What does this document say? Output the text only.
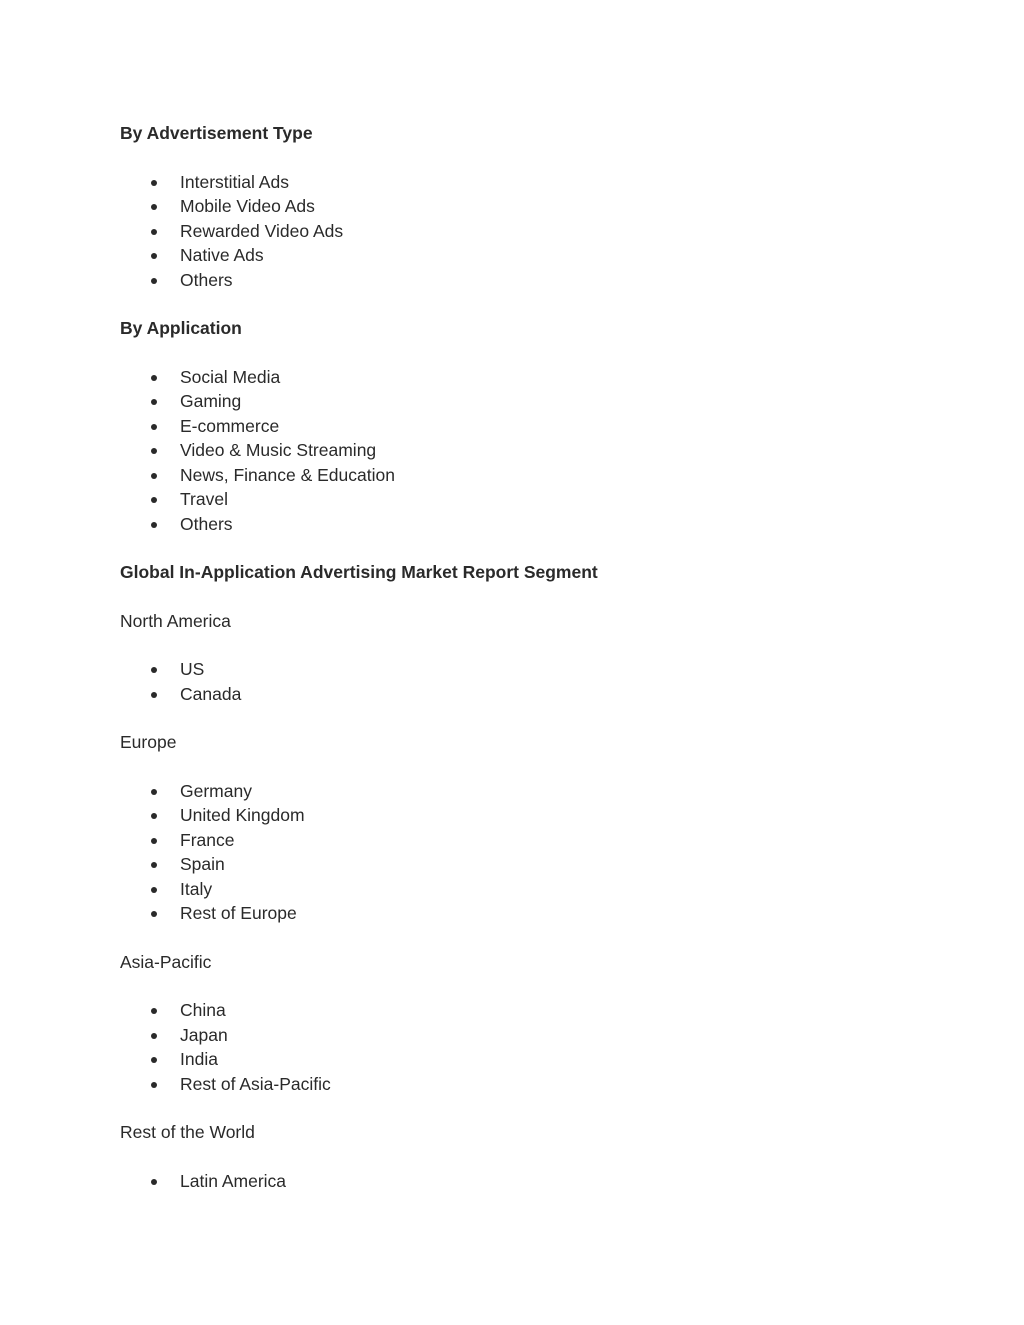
By Advertisement Type
Interstitial Ads
Mobile Video Ads
Rewarded Video Ads
Native Ads
Others
By Application
Social Media
Gaming
E-commerce
Video & Music Streaming
News, Finance & Education
Travel
Others
Global In-Application Advertising Market Report Segment
North America
US
Canada
Europe
Germany
United Kingdom
France
Spain
Italy
Rest of Europe
Asia-Pacific
China
Japan
India
Rest of Asia-Pacific
Rest of the World
Latin America
